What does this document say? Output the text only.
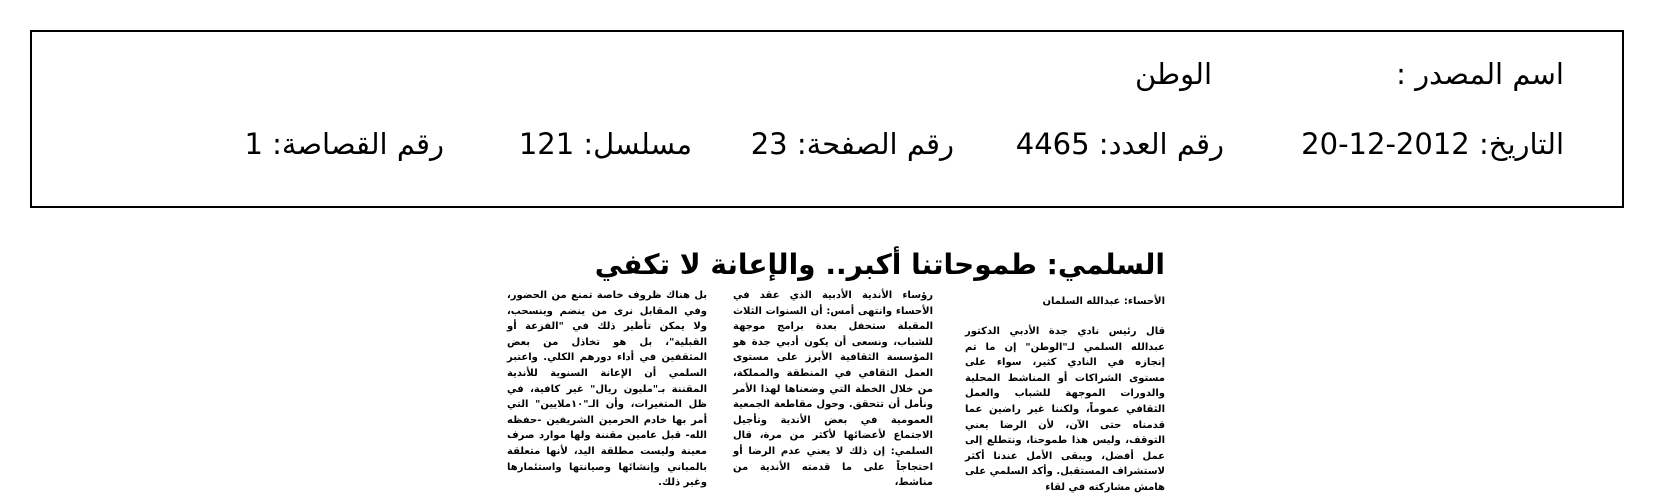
اسم المصدر :
الوطن
التاريخ: 2012-12-20
رقم العدد: 4465
رقم الصفحة: 23
مسلسل: 121
رقم القصاصة: 1
السلمي: طموحاتنا أكبر.. والإعانة لا تكفي
الأحساء: عبدالله السلمان
قال رئيس نادي جدة الأدبي الدكتور عبدالله السلمي لـ"الوطن" إن ما تم إنجازه في النادي كثير، سواء على مستوى الشراكات أو المناشط المحلية والدورات الموجهة للشباب والعمل الثقافي عموماً، ولكننا غير راضين عما قدمناه حتى الآن، لأن الرضا يعني التوقف، وليس هذا طموحنا، ونتطلع إلى عمل أفضل، ويبقى الأمل عندنا أكثر لاستشراف المستقبل. وأكد السلمي على هامش مشاركته في لقاء
رؤساء الأندية الأدبية الذي عقد في الأحساء وانتهى أمس: أن السنوات الثلاث المقبلة ستحفل بعدة برامج موجهة للشباب، ونسعى أن يكون أدبي جدة هو المؤسسة الثقافية الأبرز على مستوى العمل الثقافي في المنطقة والمملكة، من خلال الخطة التي وضعناها لهذا الأمر ونأمل أن تتحقق. وحول مقاطعة الجمعية العمومية في بعض الأندية وتأجيل الاجتماع لأعضائها لأكثر من مرة، قال السلمي: إن ذلك لا يعني عدم الرضا أو احتجاجاً على ما قدمته الأندية من مناشط،
بل هناك ظروف خاصة تمنع من الحضور، وفي المقابل نرى من ينضم وينسحب، ولا يمكن تأطير ذلك في "الفزعة أو القبلية"، بل هو تخاذل من بعض المثقفين في أداء دورهم الكلي. واعتبر السلمي أن الإعانة السنوية للأندية المقننة بـ"مليون ريال" غير كافية، في ظل المتغيرات، وأن الـ"١٠ملايين" التي أمر بها خادم الحرمين الشريفين -حفظه الله- قبل عامين مقننة ولها موارد صرف معينة وليست مطلقة اليد، لأنها متعلقة بالمباني وإنشائها وصيانتها واستئمارها وغير ذلك.
